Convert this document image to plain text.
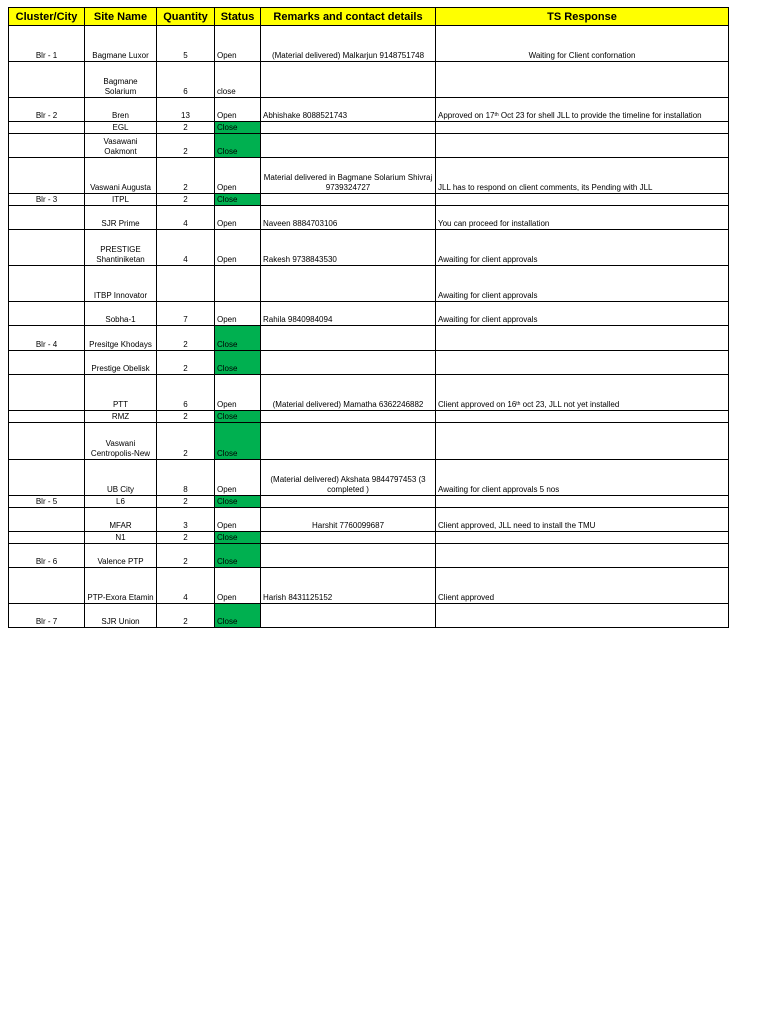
Cluster/City	Site Name	Quantity	Status	Remarks and contact details	TS Response
Blr - 1	Bagmane Luxor	5	Open	(Material delivered) Malkarjun 9148751748	Waiting for Client confornation
	Bagmane Solarium	6	close		
Blr - 2	Bren	13	Open	Abhishake 8088521743	Approved on 17th Oct 23 for shell JLL to provide the timeline for installation
	EGL	2	Close		
	Vasawani Oakmont	2	Close		
	Vaswani Augusta	2	Open	Material delivered in Bagmane Solarium Shivraj 9739324727	JLL has to respond on client comments, its Pending with JLL
Blr - 3	ITPL	2	Close		
	SJR Prime	4	Open	Naveen 8884703106	You can proceed for installation
	PRESTIGE Shantiniketan	4	Open	Rakesh 9738843530	Awaiting for client approvals
	ITBP Innovator				Awaiting for client approvals
	Sobha-1	7	Open	Rahila 9840984094	Awaiting for client approvals
Blr - 4	Presitge Khodays	2	Close		
	Prestige Obelisk	2	Close		
	PTT	6	Open	(Material delivered) Mamatha 6362246882	Client approved on 16th oct 23, JLL not yet installed
	RMZ	2	Close		
	Vaswani Centropolis-New	2	Close		
	UB City	8	Open	(Material delivered) Akshata 9844797453 (3 completed )	Awaiting for client approvals 5 nos
Blr - 5	L6	2	Close		
	MFAR	3	Open	Harshit 7760099687	Client approved, JLL need to install the TMU
	N1	2	Close		
Blr - 6	Valence PTP	2	Close		
	PTP-Exora Etamin	4	Open	Harish 8431125152	Client approved
Blr - 7	SJR Union	2	Close		
